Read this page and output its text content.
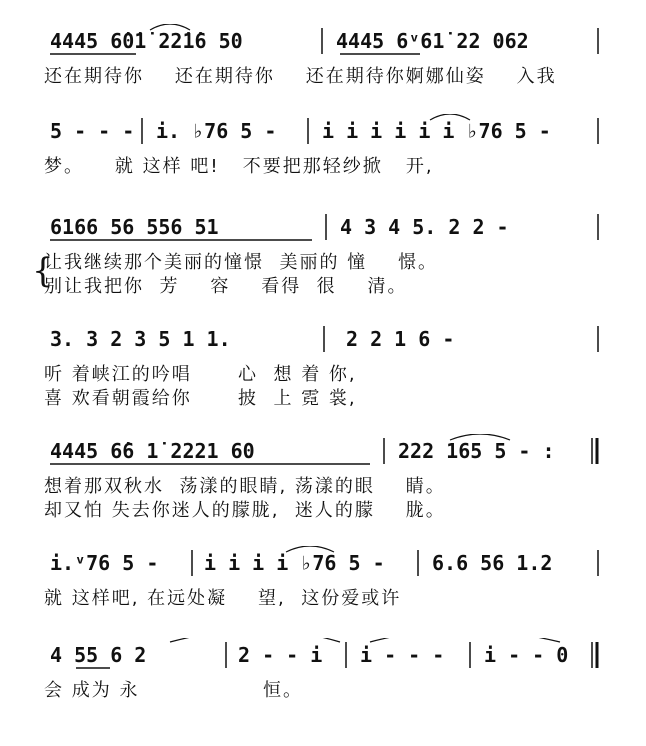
4445 6̇0̇1̇ 22̇1̇6 50	4445 6ᵛ61̇ 22 062
还在期待你    还在期待你    还在期待你婀娜仙姿    入我
5 - - - i. ♭76 5 - i i i i i i ♭76 5 -
梦。    就 这样 吧!   不要把那轻纱掀   开,
6166 56 556 51	4 3 4 5. 2 2 -
{
让我继续那个美丽的憧憬  美丽的 憧    憬。
别让我把你  芳    容    看得  很    清。
3. 3 2 3 5 1 1.	2 2 1 6 -
听 着峡江的吟唱      心  想 着 你,
喜 欢看朝霞给你      披  上 霓 裳,
4445 6̇6 1̇ 2221 60	222 165 5 - :
想着那双秋水  荡漾的眼睛, 荡漾的眼    睛。
却又怕 失去你迷人的朦胧,  迷人的朦    胧。
i.ᵛ76 5 - i i i i ♭76 5 - 6.6 56 1.2
就 这样吧, 在远处凝    望,  这份爱或许
4 55 6 2	2 - - i i - - - i - - 0
会 成为 永                恒。
